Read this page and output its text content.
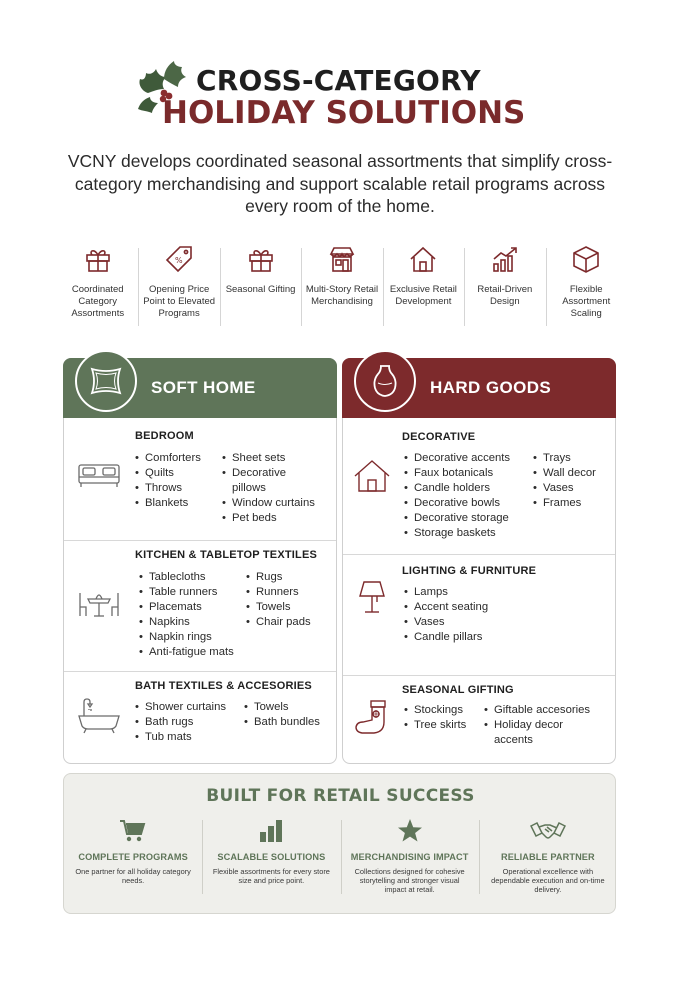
CROSS-CATEGORY
HOLIDAY SOLUTIONS
VCNY develops coordinated seasonal assortments that simplify cross-category merchandising and support scalable retail programs across every room of the home.
Coordinated Category Assortments
%
Opening Price Point to Elevated Programs
Seasonal Gifting	Multi-Story Retail Merchandising
Exclusive Retail Development
Retail-Driven Design
Flexible Assortment Scaling
SOFT HOME
BEDROOM
• Comforters
• Quilts
• Throws
• Blankets
• Sheet sets
• Decorative
pillows
• Window curtains
• Pet beds
KITCHEN & TABLETOP TEXTILES
• Tablecloths
• Table runners
• Placemats
• Napkins
• Napkin rings
• Anti-fatigue mats
• Rugs
• Runners
• Towels
• Chair pads
BATH TEXTILES & ACCESORIES
• Shower curtains
• Bath rugs
• Tub mats
• Towels
• Bath bundles
HARD GOODS
DECORATIVE
• Decorative accents
• Faux botanicals
• Candle holders
• Decorative bowls
• Decorative storage
• Storage baskets
• Trays
• Wall decor
• Vases
• Frames
LIGHTING & FURNITURE
• Lamps
• Accent seating
• Vases
• Candle pillars
SEASONAL GIFTING
• Stockings
• Tree skirts
• Giftable accesories
• Holiday decor
accents
BUILT FOR RETAIL SUCCESS
COMPLETE PROGRAMS
One partner for all holiday category needs.
SCALABLE SOLUTIONS
Flexible assortments for every store size and price point.
MERCHANDISING IMPACT
Collections designed for cohesive storytelling and stronger visual impact at retail.
RELIABLE PARTNER
Operational excellence with dependable execution and on-time delivery.
